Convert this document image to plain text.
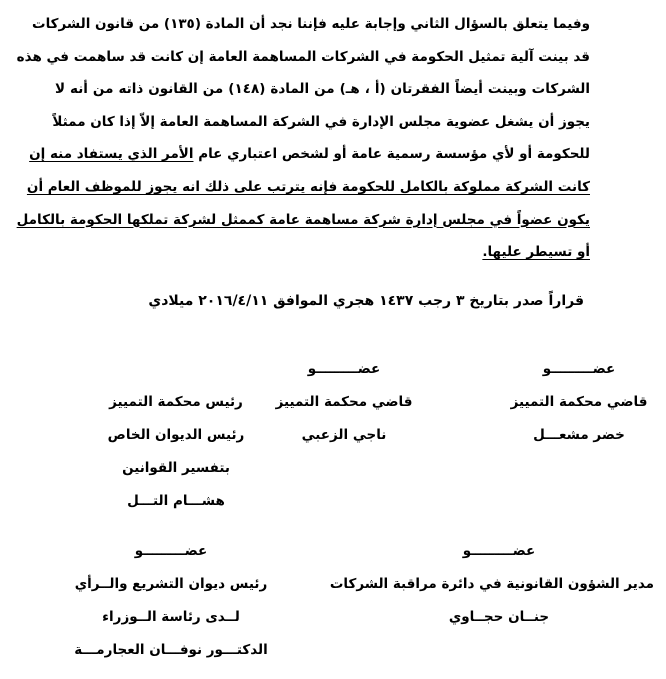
وفيما يتعلق بالسؤال الثاني وإجابة عليه فإننا نجد أن المادة (١٣٥) من قانون الشركات
قد بينت آلية تمثيل الحكومة في الشركات المساهمة العامة إن كانت قد ساهمت في هذه
الشركات وبينت أيضاً الفقرتان (أ ، هـ) من المادة (١٤٨) من القانون ذاته من أنه لا
يجوز أن يشغل عضوية مجلس الإدارة في الشركة المساهمة العامة إلاّ إذا كان ممثلاً
للحكومة أو لأي مؤسسة رسمية عامة أو لشخص اعتباري عام الأمر الذي يستفاد منه إن
كانت الشركة مملوكة بالكامل للحكومة فإنه يترتب على ذلك انه يجوز للموظف العام أن
يكون عضواً في مجلس إدارة شركة مساهمة عامة كممثل لشركة تملكها الحكومة بالكامل
أو تسيطر عليها.
قراراً صدر بتاريخ ٣ رجب ١٤٣٧ هجري الموافق ٢٠١٦/٤/١١ ميلادي
عضـــــــــو
قاضي محكمة التمييز
خضر مشعـــل
عضـــــــــو
قاضي محكمة التمييز
ناجي الزعبي
رئيس محكمة التمييز
رئيس الديوان الخاص
بتفسير القوانين
هشـــام التـــل
عضـــــــــو
مدير الشؤون القانونية في دائرة مراقبة الشركات
جنــان حجــاوي
عضـــــــــو
رئيس ديوان التشريع والــرأي
لــدى رئاسة الــوزراء
الدكتـــور نوفـــان العجارمـــة
